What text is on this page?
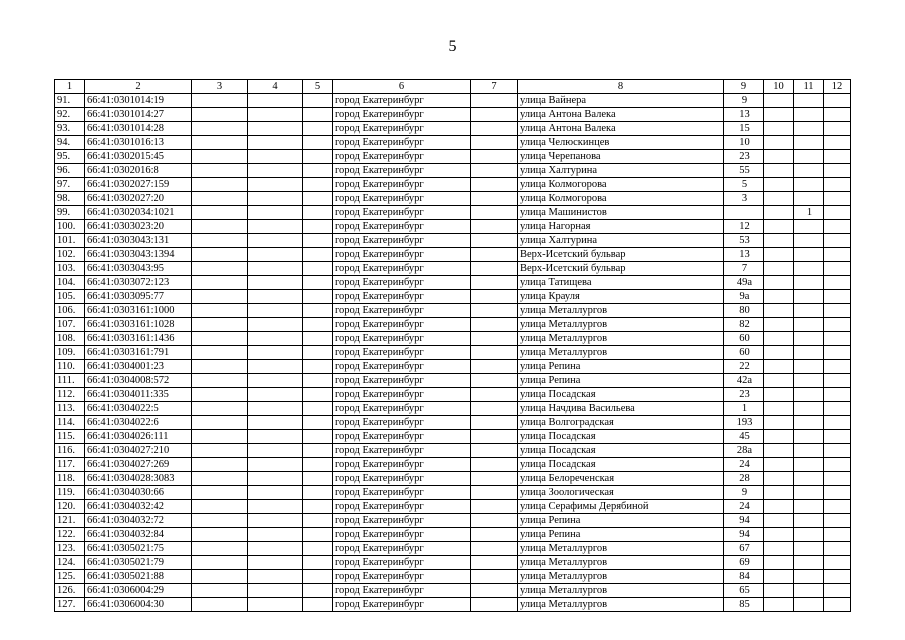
5
1	2	3	4	5	6	7	8	9	10	11	12
91.	66:41:0301014:19				город Екатеринбург		улица Вайнера	9			
92.	66:41:0301014:27				город Екатеринбург		улица Антона Валека	13			
93.	66:41:0301014:28				город Екатеринбург		улица Антона Валека	15			
94.	66:41:0301016:13				город Екатеринбург		улица Челюскинцев	10			
95.	66:41:0302015:45				город Екатеринбург		улица Черепанова	23			
96.	66:41:0302016:8				город Екатеринбург		улица Халтурина	55			
97.	66:41:0302027:159				город Екатеринбург		улица Колмогорова	5			
98.	66:41:0302027:20				город Екатеринбург		улица Колмогорова	3			
99.	66:41:0302034:1021				город Екатеринбург		улица Машинистов			1	
100.	66:41:0303023:20				город Екатеринбург		улица Нагорная	12			
101.	66:41:0303043:131				город Екатеринбург		улица Халтурина	53			
102.	66:41:0303043:1394				город Екатеринбург		Верх-Исетский бульвар	13			
103.	66:41:0303043:95				город Екатеринбург		Верх-Исетский бульвар	7			
104.	66:41:0303072:123				город Екатеринбург		улица Татищева	49а			
105.	66:41:0303095:77				город Екатеринбург		улица Крауля	9а			
106.	66:41:0303161:1000				город Екатеринбург		улица Металлургов	80			
107.	66:41:0303161:1028				город Екатеринбург		улица Металлургов	82			
108.	66:41:0303161:1436				город Екатеринбург		улица Металлургов	60			
109.	66:41:0303161:791				город Екатеринбург		улица Металлургов	60			
110.	66:41:0304001:23				город Екатеринбург		улица Репина	22			
111.	66:41:0304008:572				город Екатеринбург		улица Репина	42а			
112.	66:41:0304011:335				город Екатеринбург		улица Посадская	23			
113.	66:41:0304022:5				город Екатеринбург		улица Начдива Васильева	1			
114.	66:41:0304022:6				город Екатеринбург		улица Волгоградская	193			
115.	66:41:0304026:111				город Екатеринбург		улица Посадская	45			
116.	66:41:0304027:210				город Екатеринбург		улица Посадская	28а			
117.	66:41:0304027:269				город Екатеринбург		улица Посадская	24			
118.	66:41:0304028:3083				город Екатеринбург		улица Белореченская	28			
119.	66:41:0304030:66				город Екатеринбург		улица Зоологическая	9			
120.	66:41:0304032:42				город Екатеринбург		улица Серафимы Дерябиной	24			
121.	66:41:0304032:72				город Екатеринбург		улица Репина	94			
122.	66:41:0304032:84				город Екатеринбург		улица Репина	94			
123.	66:41:0305021:75				город Екатеринбург		улица Металлургов	67			
124.	66:41:0305021:79				город Екатеринбург		улица Металлургов	69			
125.	66:41:0305021:88				город Екатеринбург		улица Металлургов	84			
126.	66:41:0306004:29				город Екатеринбург		улица Металлургов	65			
127.	66:41:0306004:30				город Екатеринбург		улица Металлургов	85			
